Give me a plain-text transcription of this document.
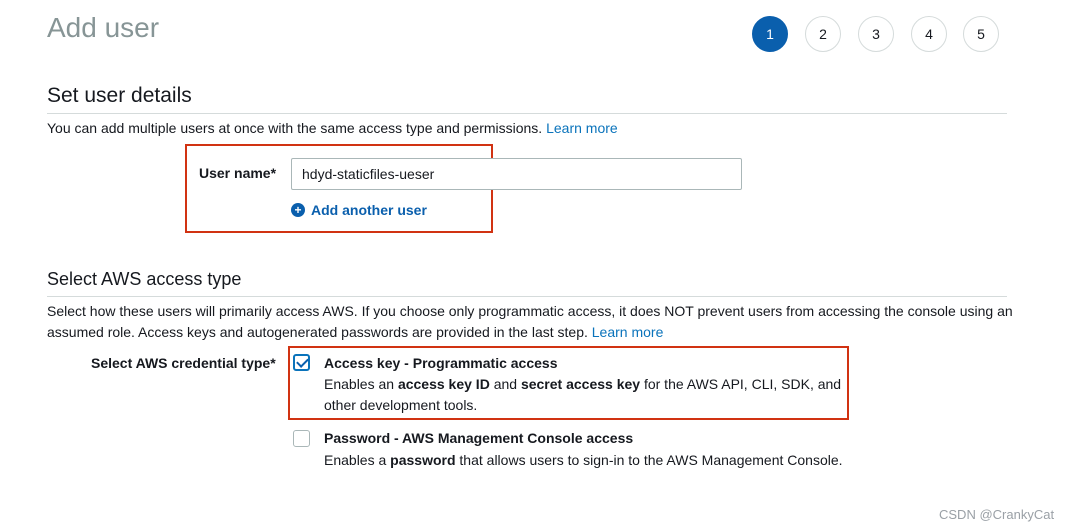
Add user	1	2	3	4	5
Set user details

You can add multiple users at once with the same access type and permissions. Learn more

User name*
hdyd-staticfiles-ueser
+ Add another user
Select AWS access type

Select how these users will primarily access AWS. If you choose only programmatic access, it does NOT prevent users from accessing the console using an assumed role. Access keys and autogenerated passwords are provided in the last step. Learn more

Select AWS credential type*	Access key - Programmatic access
Enables an access key ID and secret access key for the AWS API, CLI, SDK, and other development tools.
Password - AWS Management Console access
Enables a password that allows users to sign-in to the AWS Management Console.
CSDN @CrankyCat
